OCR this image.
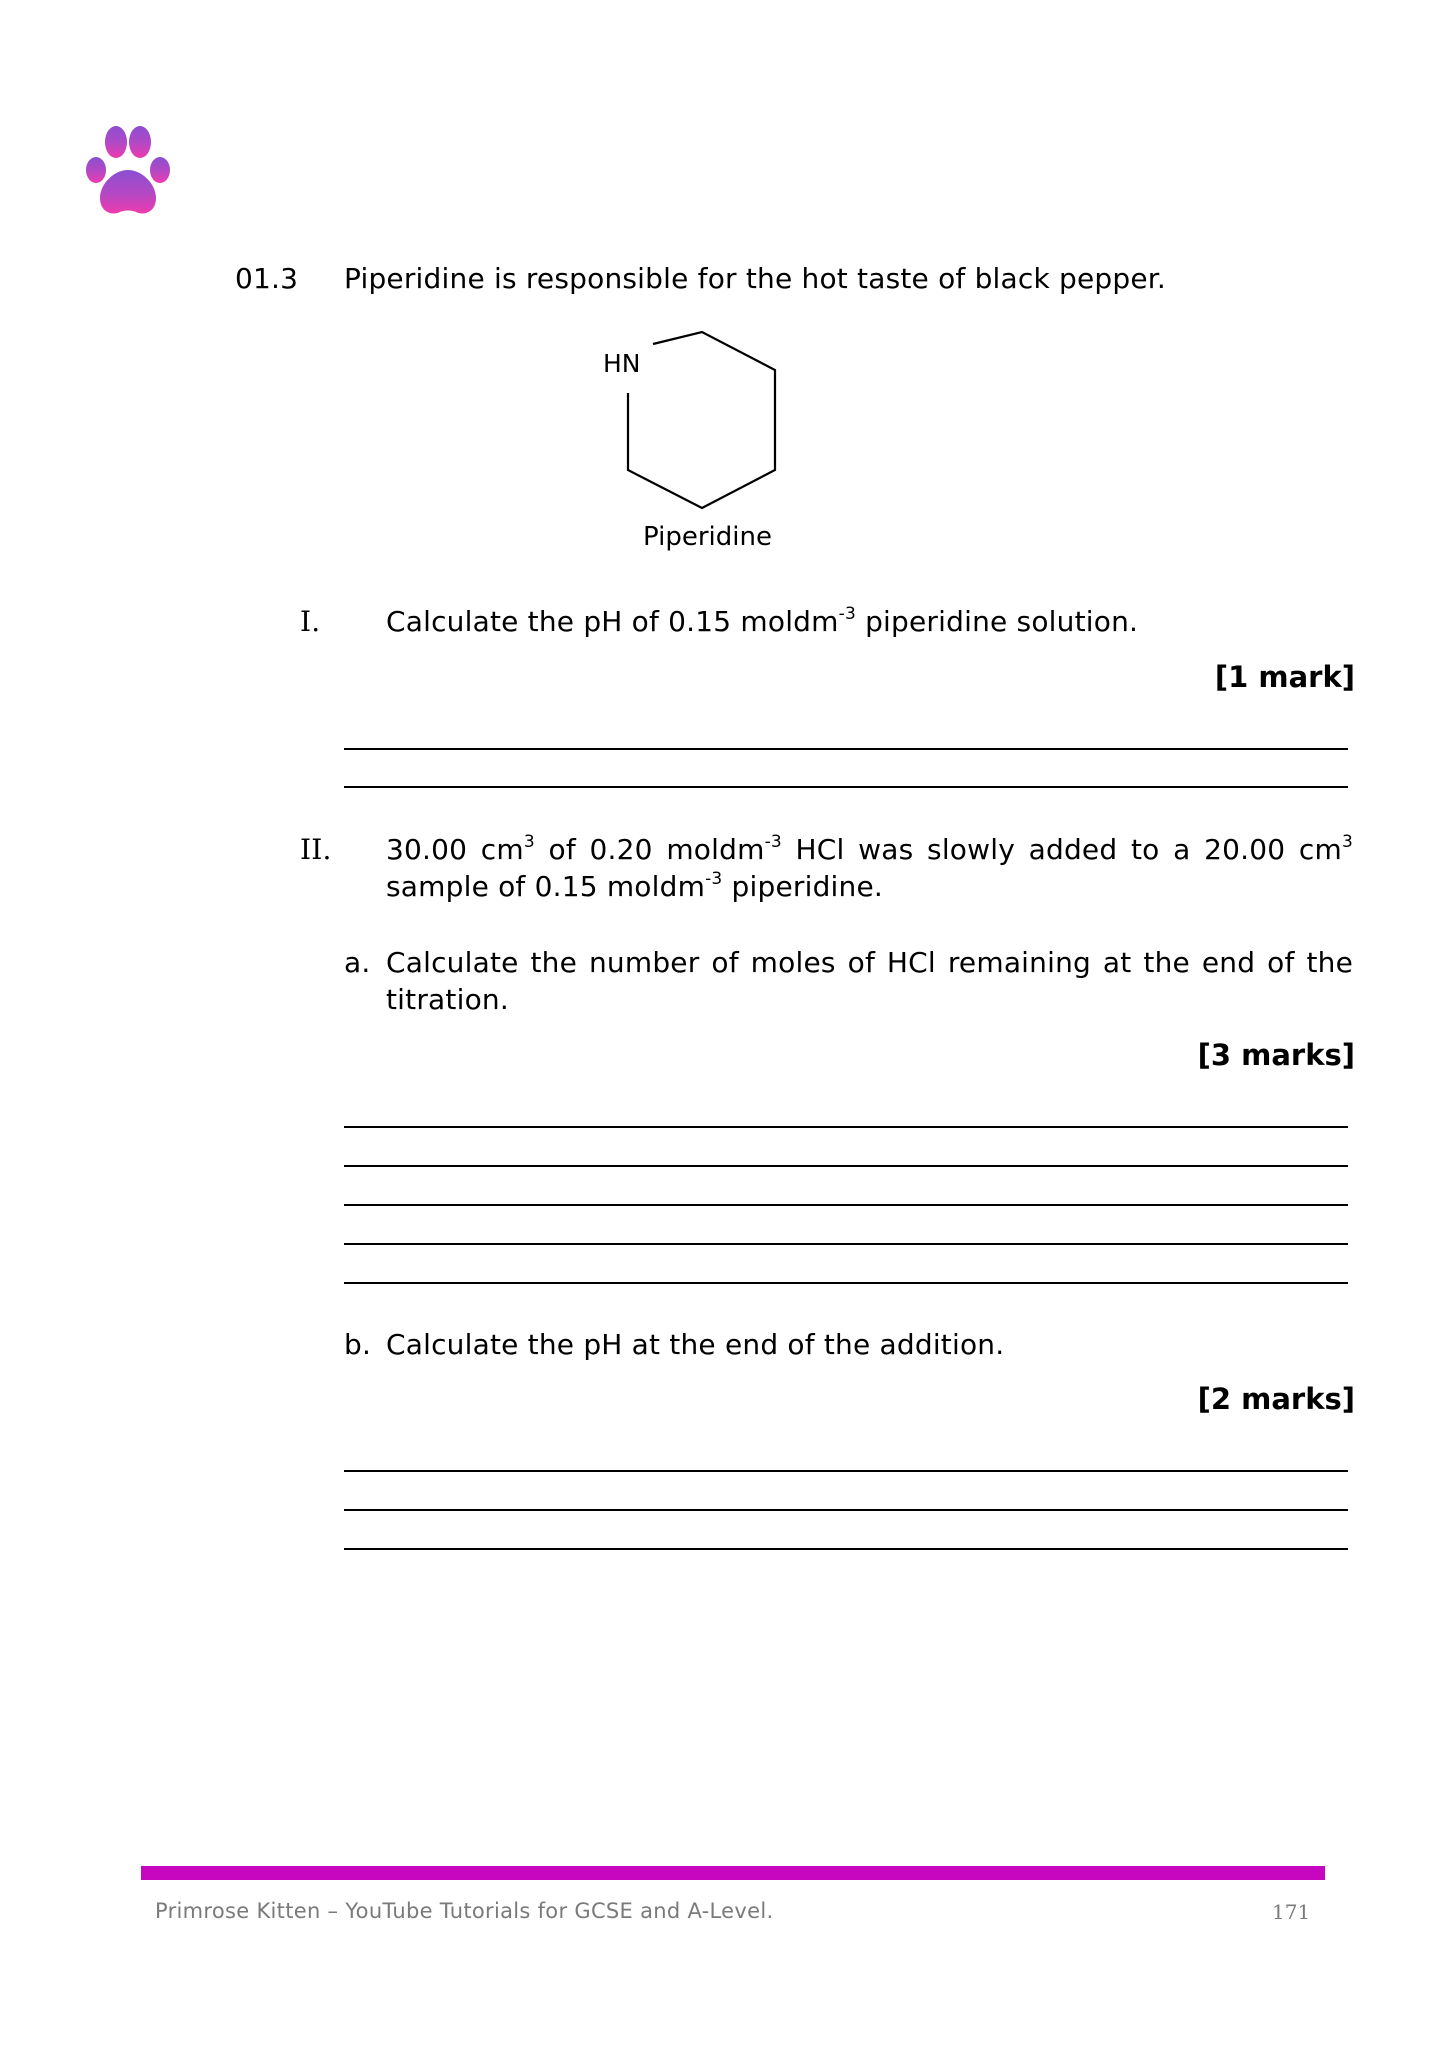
01.3 Piperidine is responsible for the hot taste of black pepper.
HN
Piperidine
I. Calculate the pH of 0.15 moldm$^{-3}$ piperidine solution.
[1 mark]
II. 30.00 $cm^3$ of 0.20 moldm$^{-3}$ HCl was slowly added to a 20.00 $cm^3$
sample of 0.15 moldm$^{-3}$ piperidine.
a. Calculate the number of moles of HCl remaining at the end of the
titration.
[3 marks]
b. Calculate the pH at the end of the addition.
[2 marks]
Primrose Kitten – YouTube Tutorials for GCSE and A-Level.	171
